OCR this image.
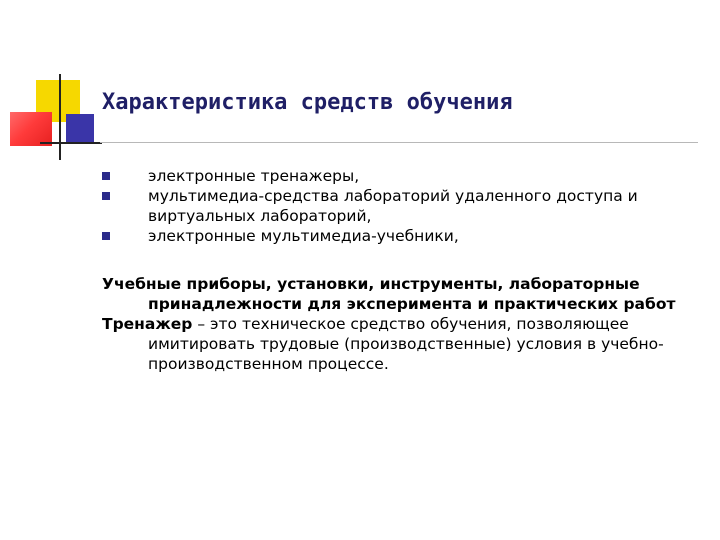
Характеристика средств обучения
электронные тренажеры,
мультимедиа-средства лабораторий удаленного доступа и виртуальных лабораторий,
электронные мультимедиа-учебники,
Учебные приборы, установки, инструменты, лабораторные принадлежности для эксперимента и практических работ
Тренажер – это техническое средство обучения, позволяющее имитировать трудовые (производственные) условия в учебно-производственном процессе.
